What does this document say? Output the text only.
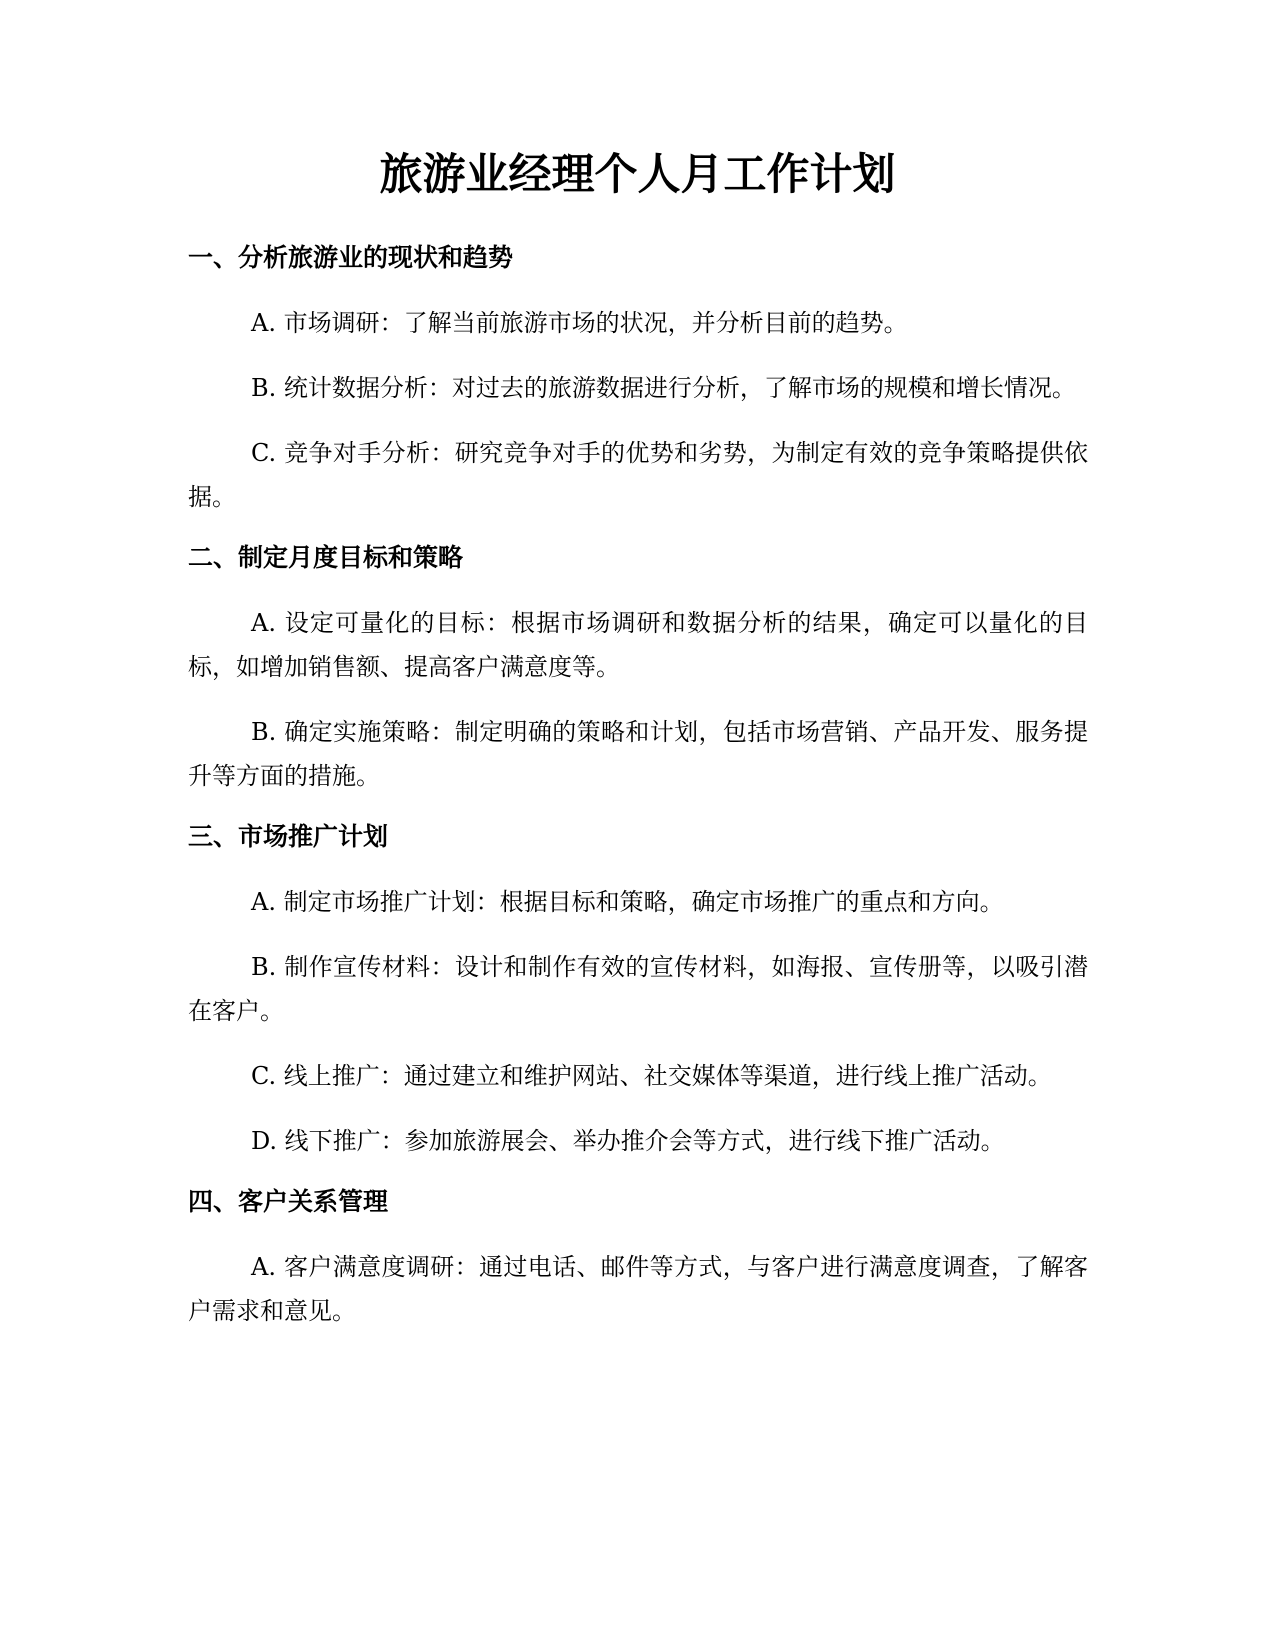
旅游业经理个人月工作计划
一、分析旅游业的现状和趋势

A. 市场调研：了解当前旅游市场的状况，并分析目前的趋势。

B. 统计数据分析：对过去的旅游数据进行分析，了解市场的规模和增长情况。

C. 竞争对手分析：研究竞争对手的优势和劣势，为制定有效的竞争策略提供依据。

二、制定月度目标和策略

A. 设定可量化的目标：根据市场调研和数据分析的结果，确定可以量化的目标，如增加销售额、提高客户满意度等。

B. 确定实施策略：制定明确的策略和计划，包括市场营销、产品开发、服务提升等方面的措施。

三、市场推广计划

A. 制定市场推广计划：根据目标和策略，确定市场推广的重点和方向。

B. 制作宣传材料：设计和制作有效的宣传材料，如海报、宣传册等，以吸引潜在客户。

C. 线上推广：通过建立和维护网站、社交媒体等渠道，进行线上推广活动。

D. 线下推广：参加旅游展会、举办推介会等方式，进行线下推广活动。

四、客户关系管理

A. 客户满意度调研：通过电话、邮件等方式，与客户进行满意度调查，了解客户需求和意见。
